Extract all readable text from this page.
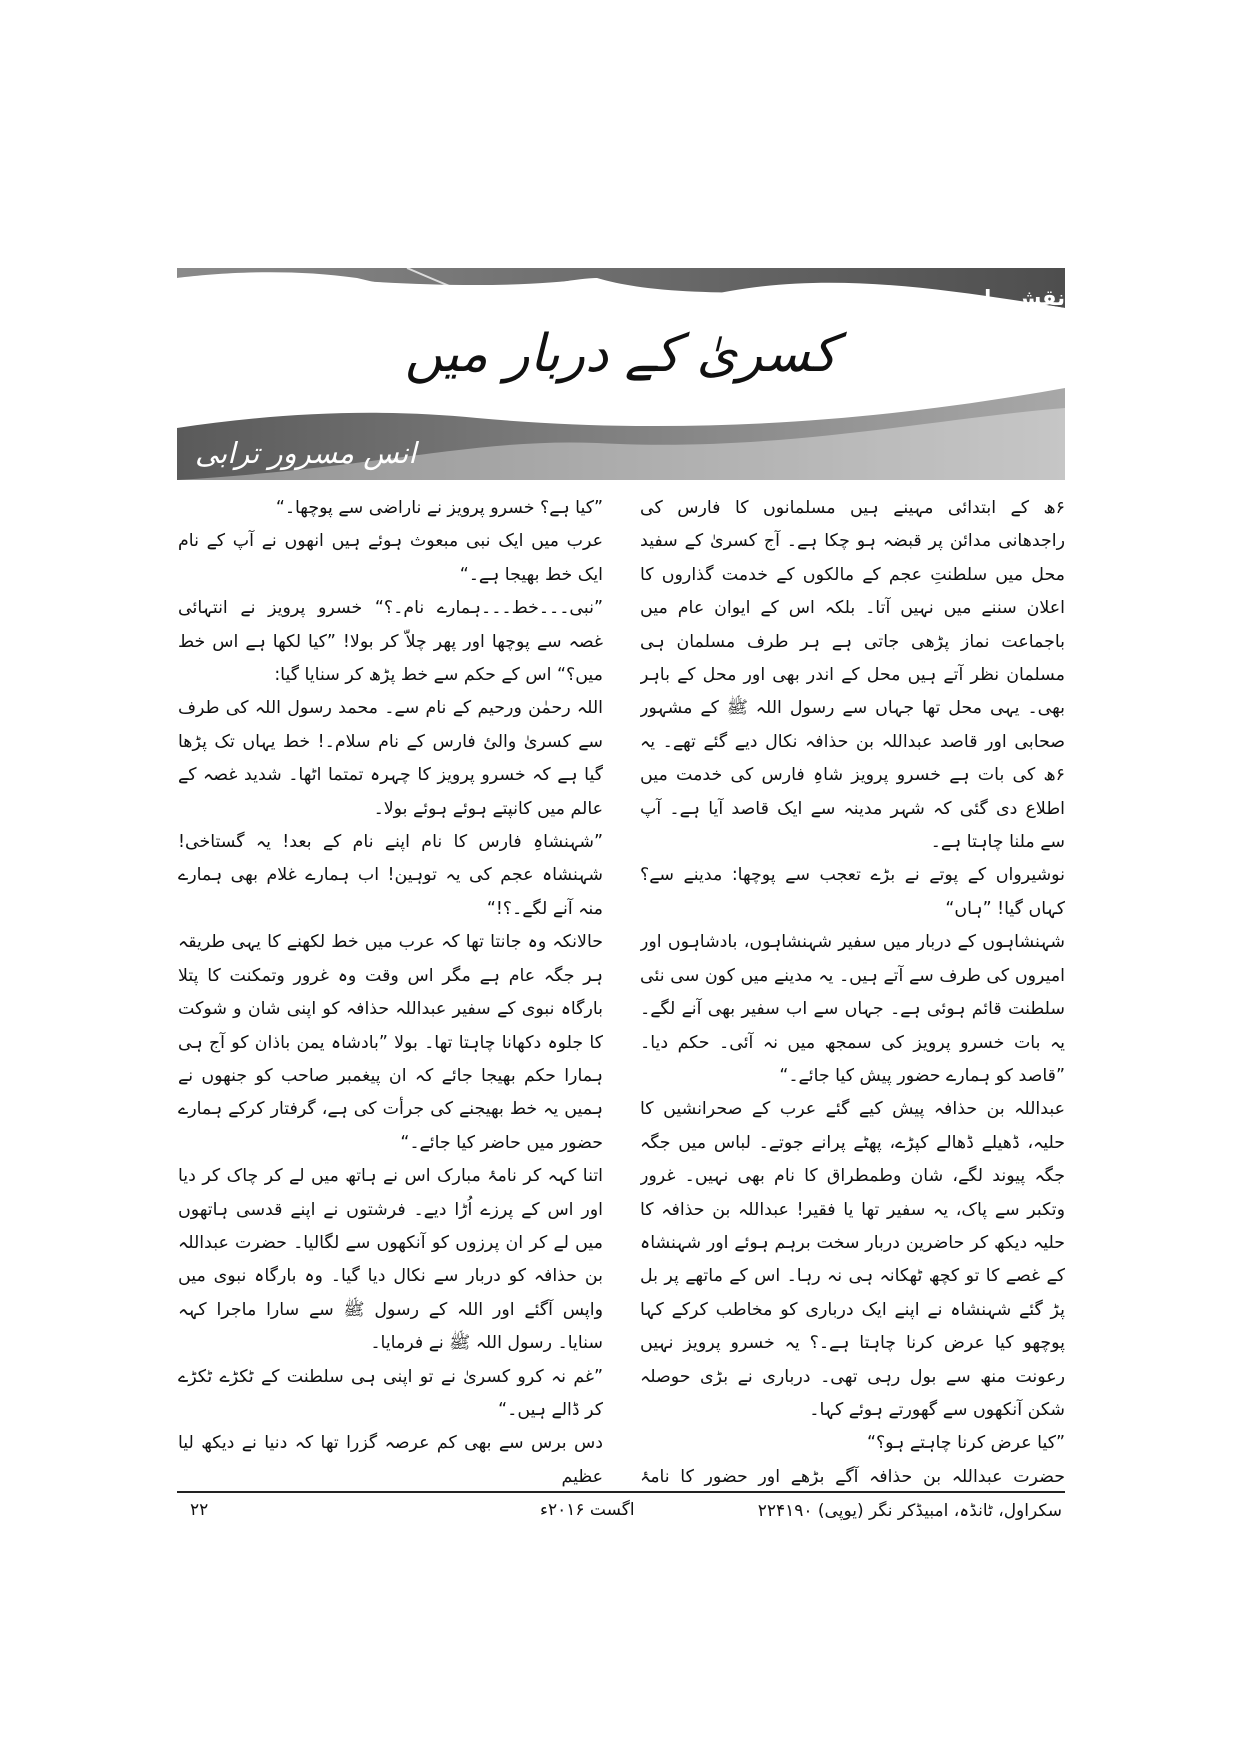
نقش ماضی
کسریٰ کے دربار میں
انس مسرور ترابی

۶ھ کے ابتدائی مہینے ہیں مسلمانوں کا فارس کی راجدھانی مدائن پر قبضہ ہو چکا ہے۔ آج کسریٰ کے سفید محل میں سلطنتِ عجم کے مالکوں کے خدمت گذاروں کا اعلان سننے میں نہیں آتا۔ بلکہ اس کے ایوان عام میں باجماعت نماز پڑھی جاتی ہے ہر طرف مسلمان ہی مسلمان نظر آتے ہیں محل کے اندر بھی اور محل کے باہر بھی۔ یہی محل تھا جہاں سے رسول اللہ ﷺ کے مشہور صحابی اور قاصد عبداللہ بن حذافہ نکال دیے گئے تھے۔ یہ ۶ھ کی بات ہے خسرو پرویز شاہِ فارس کی خدمت میں اطلاع دی گئی کہ شہر مدینہ سے ایک قاصد آیا ہے۔ آپ سے ملنا چاہتا ہے۔

نوشیرواں کے پوتے نے بڑے تعجب سے پوچھا: مدینے سے؟ کہاں گیا! ”ہاں“

شہنشاہوں کے دربار میں سفیر شہنشاہوں، بادشاہوں اور امیروں کی طرف سے آتے ہیں۔ یہ مدینے میں کون سی نئی سلطنت قائم ہوئی ہے۔ جہاں سے اب سفیر بھی آنے لگے۔ یہ بات خسرو پرویز کی سمجھ میں نہ آئی۔ حکم دیا۔ ”قاصد کو ہمارے حضور پیش کیا جائے۔“

عبداللہ بن حذافہ پیش کیے گئے عرب کے صحرانشیں کا حلیہ، ڈھیلے ڈھالے کپڑے، پھٹے پرانے جوتے۔ لباس میں جگہ جگہ پیوند لگے، شان وطمطراق کا نام بھی نہیں۔ غرور وتکبر سے پاک، یہ سفیر تھا یا فقیر! عبداللہ بن حذافہ کا حلیہ دیکھ کر حاضرین دربار سخت برہم ہوئے اور شہنشاہ کے غصے کا تو کچھ ٹھکانہ ہی نہ رہا۔ اس کے ماتھے پر بل پڑ گئے شہنشاہ نے اپنے ایک درباری کو مخاطب کرکے کہا پوچھو کیا عرض کرنا چاہتا ہے۔؟ یہ خسرو پرویز نہیں رعونت منھ سے بول رہی تھی۔ درباری نے بڑی حوصلہ شکن آنکھوں سے گھورتے ہوئے کہا۔

”کیا عرض کرنا چاہتے ہو؟“

حضرت عبداللہ بن حذافہ آگے بڑھے اور حضور کا نامۂ

”کیا ہے؟ خسرو پرویز نے ناراضی سے پوچھا۔“

عرب میں ایک نبی مبعوث ہوئے ہیں انھوں نے آپ کے نام ایک خط بھیجا ہے۔“

”نبی۔۔۔خط۔۔۔ہمارے نام۔؟“ خسرو پرویز نے انتہائی غصہ سے پوچھا اور پھر چلاّ کر بولا! ”کیا لکھا ہے اس خط میں؟“ اس کے حکم سے خط پڑھ کر سنایا گیا:

اللہ رحمٰن ورحیم کے نام سے۔ محمد رسول اللہ کی طرف سے کسریٰ والیٔ فارس کے نام سلام۔! خط یہاں تک پڑھا گیا ہے کہ خسرو پرویز کا چہرہ تمتما اٹھا۔ شدید غصہ کے عالم میں کانپتے ہوئے ہوئے بولا۔

”شہنشاہِ فارس کا نام اپنے نام کے بعد! یہ گستاخی! شہنشاہ عجم کی یہ توہین! اب ہمارے غلام بھی ہمارے منہ آنے لگے۔؟!“

حالانکہ وہ جانتا تھا کہ عرب میں خط لکھنے کا یہی طریقہ ہر جگہ عام ہے مگر اس وقت وہ غرور وتمکنت کا پتلا بارگاہ نبوی کے سفیر عبداللہ حذافہ کو اپنی شان و شوکت کا جلوہ دکھانا چاہتا تھا۔ بولا ”بادشاہ یمن باذان کو آج ہی ہمارا حکم بھیجا جائے کہ ان پیغمبر صاحب کو جنھوں نے ہمیں یہ خط بھیجنے کی جرأت کی ہے، گرفتار کرکے ہمارے حضور میں حاضر کیا جائے۔“

اتنا کہہ کر نامۂ مبارک اس نے ہاتھ میں لے کر چاک کر دیا اور اس کے پرزے اُڑا دیے۔ فرشتوں نے اپنے قدسی ہاتھوں میں لے کر ان پرزوں کو آنکھوں سے لگالیا۔ حضرت عبداللہ بن حذافہ کو دربار سے نکال دیا گیا۔ وہ بارگاہ نبوی میں واپس آگئے اور اللہ کے رسول ﷺ سے سارا ماجرا کہہ سنایا۔ رسول اللہ ﷺ نے فرمایا۔

”غم نہ کرو کسریٰ نے تو اپنی ہی سلطنت کے ٹکڑے ٹکڑے کر ڈالے ہیں۔“

دس برس سے بھی کم عرصہ گزرا تھا کہ دنیا نے دیکھ لیا عظیم

۲۲	اگست ۲۰۱۶ء	سکراول، ٹانڈہ، امبیڈکر نگر (یوپی) ۲۲۴۱۹۰
